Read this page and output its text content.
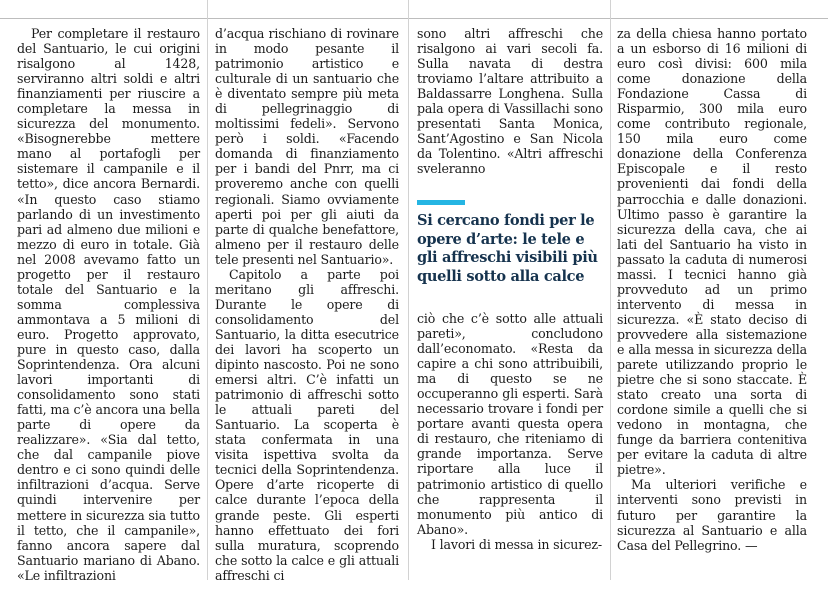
Per completare il restauro del Santuario, le cui origini risalgono al 1428, serviranno altri soldi e altri finanziamenti per riuscire a completare la messa in sicurezza del monumento. «Bisognerebbe mettere mano al portafogli per sistemare il campanile e il tetto», dice ancora Bernardi. «In questo caso stiamo parlando di un investimento pari ad almeno due milioni e mezzo di euro in totale. Già nel 2008 avevamo fatto un progetto per il restauro totale del Santuario e la somma complessiva ammontava a 5 milioni di euro. Progetto approvato, pure in questo caso, dalla Soprintendenza. Ora alcuni lavori importanti di consolidamento sono stati fatti, ma c’è ancora una bella parte di opere da realizzare». «Sia dal tetto, che dal campanile piove dentro e ci sono quindi delle infiltrazioni d’acqua. Serve quindi intervenire per mettere in sicurezza sia tutto il tetto, che il campanile», fanno ancora sapere dal Santuario mariano di Abano. «Le infiltrazioni

d’acqua rischiano di rovinare in modo pesante il patrimonio artistico e culturale di un santuario che è diventato sempre più meta di pellegrinaggio di moltissimi fedeli». Servono però i soldi. «Facendo domanda di finanziamento per i bandi del Pnrr, ma ci proveremo anche con quelli regionali. Siamo ovviamente aperti poi per gli aiuti da parte di qualche benefattore, almeno per il restauro delle tele presenti nel Santuario».

Capitolo a parte poi meritano gli affreschi. Durante le opere di consolidamento del Santuario, la ditta esecutrice dei lavori ha scoperto un dipinto nascosto. Poi ne sono emersi altri. C’è infatti un patrimonio di affreschi sotto le attuali pareti del Santuario. La scoperta è stata confermata in una visita ispettiva svolta da tecnici della Soprintendenza. Opere d’arte ricoperte di calce durante l’epoca della grande peste. Gli esperti hanno effettuato dei fori sulla muratura, scoprendo che sotto la calce e gli attuali affreschi ci

sono altri affreschi che risalgono ai vari secoli fa. Sulla navata di destra troviamo l’altare attribuito a Baldassarre Longhena. Sulla pala opera di Vassillachi sono presentati Santa Monica, Sant’Agostino e San Nicola da Tolentino. «Altri affreschi sveleranno

Si cercano fondi per le opere d’arte: le tele e gli affreschi visibili più quelli sotto alla calce

ciò che c’è sotto alle attuali pareti», concludono dall’economato. «Resta da capire a chi sono attribuibili, ma di questo se ne occuperanno gli esperti. Sarà necessario trovare i fondi per portare avanti questa opera di restauro, che riteniamo di grande importanza. Serve riportare alla luce il patrimonio artistico di quello che rappresenta il monumento più antico di Abano».

I lavori di messa in sicurez-

za della chiesa hanno portato a un esborso di 16 milioni di euro così divisi: 600 mila come donazione della Fondazione Cassa di Risparmio, 300 mila euro come contributo regionale, 150 mila euro come donazione della Conferenza Episcopale e il resto provenienti dai fondi della parrocchia e dalle donazioni. Ultimo passo è garantire la sicurezza della cava, che ai lati del Santuario ha visto in passato la caduta di numerosi massi. I tecnici hanno già provveduto ad un primo intervento di messa in sicurezza. «È stato deciso di provvedere alla sistemazione e alla messa in sicurezza della parete utilizzando proprio le pietre che si sono staccate. È stato creato una sorta di cordone simile a quelli che si vedono in montagna, che funge da barriera contenitiva per evitare la caduta di altre pietre».

Ma ulteriori verifiche e interventi sono previsti in futuro per garantire la sicurezza al Santuario e alla Casa del Pellegrino. —
